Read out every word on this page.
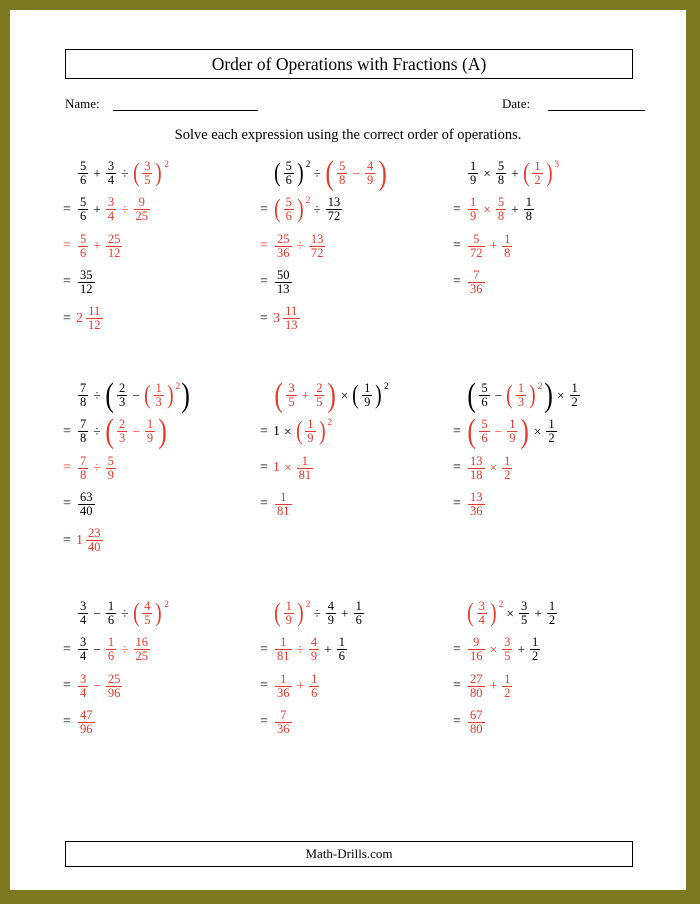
Order of Operations with Fractions (A)
Name:	Date:
Solve each expression using the correct order of operations.
$\frac{5}{6} + \frac{3}{4}$ ÷ ( $\frac{3}{5}$ ) 2
= $\frac{5}{6} + \frac{3}{4} \div \frac{9}{25}$
= $\frac{5}{6} + \frac{25}{12}$
= $\frac{35}{12}$
= $2 \frac{11}{12}$
( $\frac{5}{6}$ ) 2
÷ ( $\frac{5}{8} - \frac{4}{9}$ )
= ( $\frac{5}{6}$ ) 2
÷ $\frac{13}{72}$
= $\frac{25}{36} \div \frac{13}{72}$
= $\frac{50}{13}$
= $3 \frac{11}{13}$
$\frac{1}{9} \times \frac{5}{8}$ + ( $\frac{1}{2}$ ) 3
= $\frac{1}{9} \times \frac{5}{8} + \frac{1}{8}$
= $\frac{5}{72} + \frac{1}{8}$
= $\frac{7}{36}$
$\frac{7}{8}$ ÷ ( $\frac{2}{3}$ − ( $\frac{1}{3}$ ) 2 )
= $\frac{7}{8}$ ÷ ( $\frac{2}{3} - \frac{1}{9}$ )
= $\frac{7}{8} \div \frac{5}{9}$
= $\frac{63}{40}$
= $1 \frac{23}{40}$
( $\frac{3}{5} + \frac{2}{5}$ ) × ( $\frac{1}{9}$ ) 2
= 1 × ( $\frac{1}{9}$ ) 2
= $1 \times \frac{1}{81}$
= $\frac{1}{81}$
( $\frac{5}{6}$ − ( $\frac{1}{3}$ ) 2 ) × $\frac{1}{2}$
= ( $\frac{5}{6} - \frac{1}{9}$ ) × $\frac{1}{2}$
= $\frac{13}{18} \times \frac{1}{2}$
= $\frac{13}{36}$
$\frac{3}{4} - \frac{1}{6}$ ÷ ( $\frac{4}{5}$ ) 2
= $\frac{3}{4} - \frac{1}{6} \div \frac{16}{25}$
= $\frac{3}{4} - \frac{25}{96}$
= $\frac{47}{96}$
( $\frac{1}{9}$ ) 2
÷ $\frac{4}{9} + \frac{1}{6}$
= $\frac{1}{81} \div \frac{4}{9} + \frac{1}{6}$
= $\frac{1}{36} + \frac{1}{6}$
= $\frac{7}{36}$
( $\frac{3}{4}$ ) 2
× $\frac{3}{5} + \frac{1}{2}$
= $\frac{9}{16} \times \frac{3}{5} + \frac{1}{2}$
= $\frac{27}{80} + \frac{1}{2}$
= $\frac{67}{80}$
Math-Drills.com
